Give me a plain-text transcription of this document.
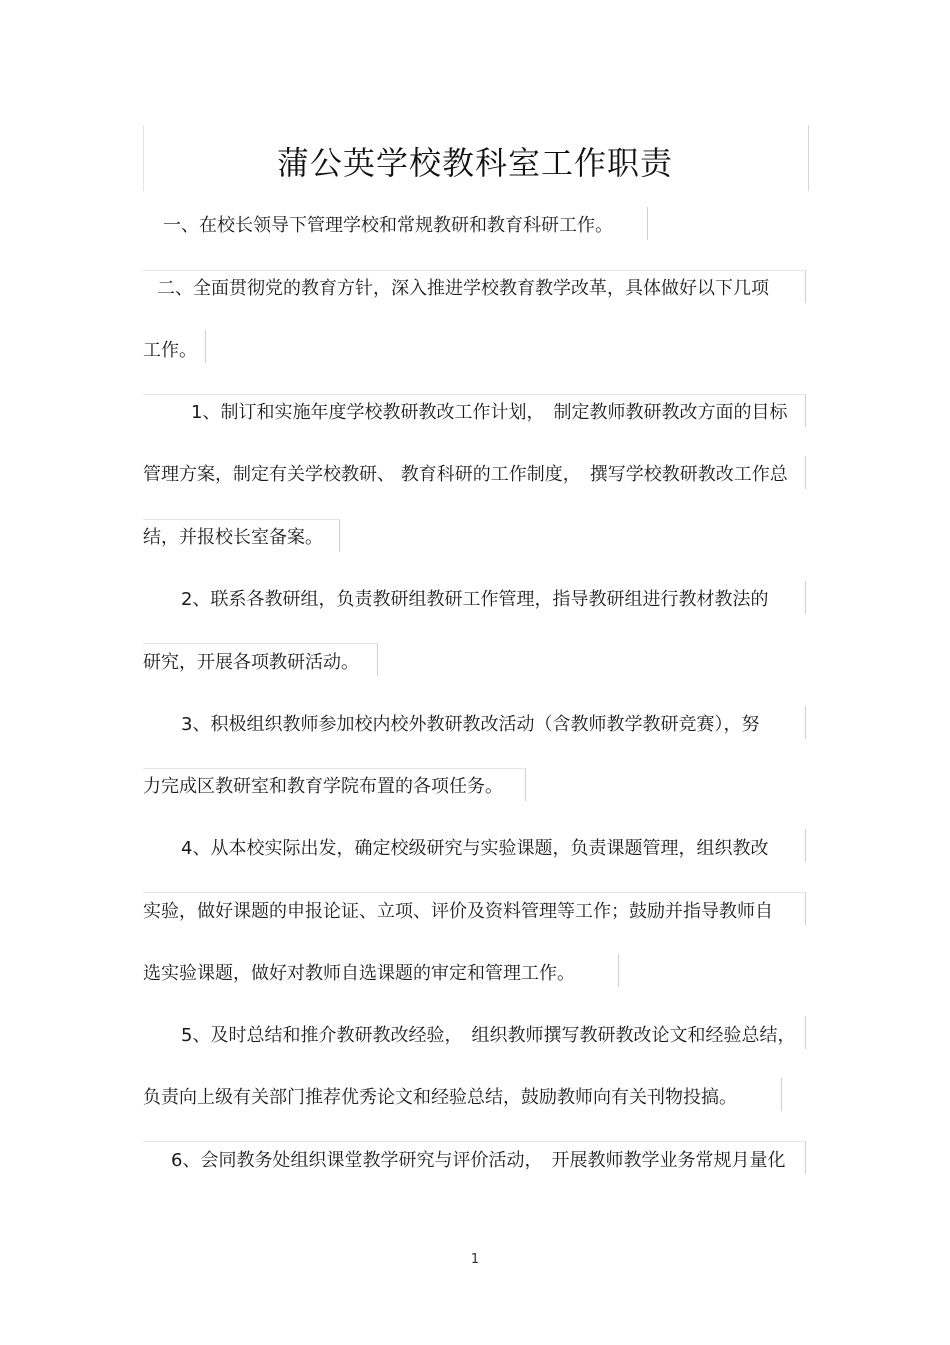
蒲公英学校教科室工作职责
一、在校长领导下管理学校和常规教研和教育科研工作。
二、全面贯彻党的教育方针，深入推进学校教育教学改革，具体做好以下几项
工作。
1、制订和实施年度学校教研教改工作计划，　制定教师教研教改方面的目标
管理方案，制定有关学校教研、 教育科研的工作制度，　撰写学校教研教改工作总
结，并报校长室备案。
2、联系各教研组，负责教研组教研工作管理，指导教研组进行教材教法的
研究，开展各项教研活动。
3、积极组织教师参加校内校外教研教改活动（含教师教学教研竞赛），努
力完成区教研室和教育学院布置的各项任务。
4、从本校实际出发，确定校级研究与实验课题，负责课题管理，组织教改
实验，做好课题的申报论证、立项、评价及资料管理等工作；鼓励并指导教师自
选实验课题，做好对教师自选课题的审定和管理工作。
5、及时总结和推介教研教改经验，　组织教师撰写教研教改论文和经验总结，
负责向上级有关部门推荐优秀论文和经验总结，鼓励教师向有关刊物投搞。
6、会同教务处组织课堂教学研究与评价活动，　开展教师教学业务常规月量化
1
